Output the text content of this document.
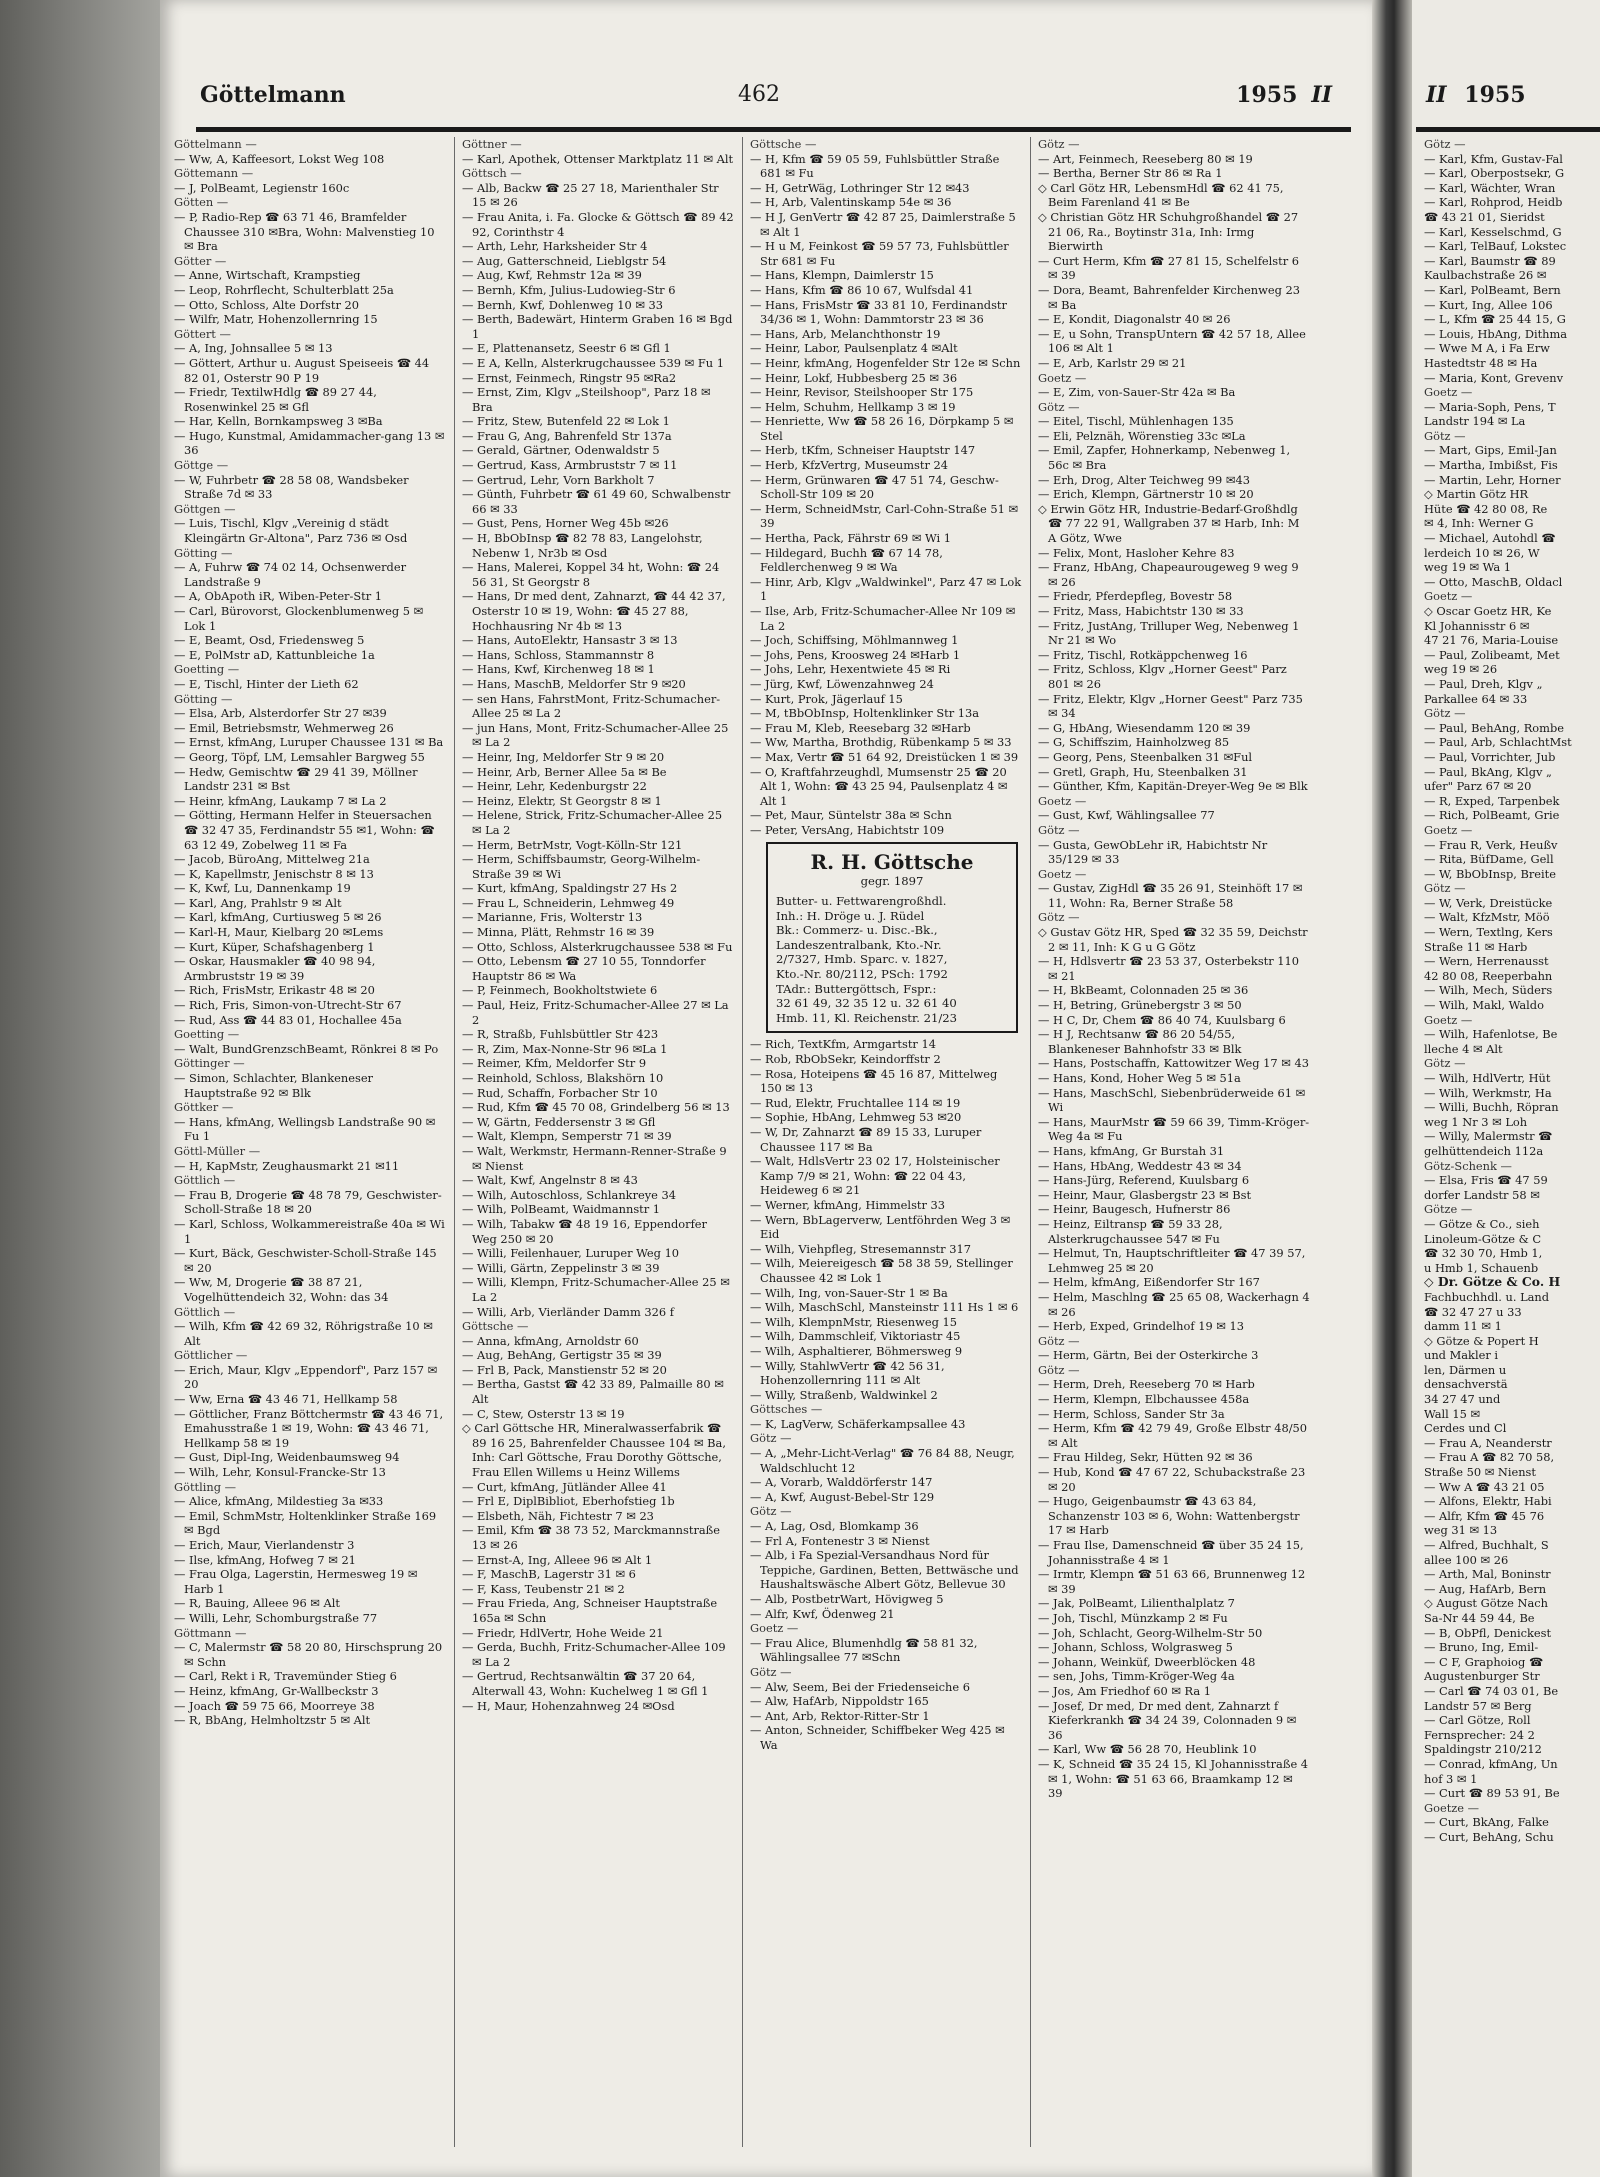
Göttelmann	462	1955 II

Göttelmann —

— Ww, A, Kaffeesort, Lokst Weg 108

Göttemann —

— J, PolBeamt, Legienstr 160c

Götten —

— P, Radio-Rep ☎ 63 71 46, Bramfelder Chaussee 310 ✉Bra, Wohn: Malvenstieg 10 ✉ Bra

Götter —

— Anne, Wirtschaft, Krampstieg

— Leop, Rohrflecht, Schulterblatt 25a

— Otto, Schloss, Alte Dorfstr 20

— Wilfr, Matr, Hohenzollernring 15

Göttert —

— A, Ing, Johnsallee 5 ✉ 13

— Göttert, Arthur u. August Speiseeis ☎ 44 82 01, Osterstr 90 P 19

— Friedr, TextilwHdlg ☎ 89 27 44, Rosenwinkel 25 ✉ Gfl

— Har, Kelln, Bornkampsweg 3 ✉Ba

— Hugo, Kunstmal, Amidammacher-gang 13 ✉ 36

Göttge —

— W, Fuhrbetr ☎ 28 58 08, Wandsbeker Straße 7d ✉ 33

Göttgen —

— Luis, Tischl, Klgv „Vereinig d städt Kleingärtn Gr-Altona", Parz 736 ✉ Osd

Götting —

— A, Fuhrw ☎ 74 02 14, Ochsenwerder Landstraße 9

— A, ObApoth iR, Wiben-Peter-Str 1

— Carl, Bürovorst, Glockenblumenweg 5 ✉ Lok 1

— E, Beamt, Osd, Friedensweg 5

— E, PolMstr aD, Kattunbleiche 1a

Goetting —

— E, Tischl, Hinter der Lieth 62

Götting —

— Elsa, Arb, Alsterdorfer Str 27 ✉39

— Emil, Betriebsmstr, Wehmerweg 26

— Ernst, kfmAng, Luruper Chaussee 131 ✉ Ba

— Georg, Töpf, LM, Lemsahler Bargweg 55

— Hedw, Gemischtw ☎ 29 41 39, Möllner Landstr 231 ✉ Bst

— Heinr, kfmAng, Laukamp 7 ✉ La 2

— Götting, Hermann Helfer in Steuersachen ☎ 32 47 35, Ferdinandstr 55 ✉1, Wohn: ☎ 63 12 49, Zobelweg 11 ✉ Fa

— Jacob, BüroAng, Mittelweg 21a

— K, Kapellmstr, Jenischstr 8 ✉ 13

— K, Kwf, Lu, Dannenkamp 19

— Karl, Ang, Prahlstr 9 ✉ Alt

— Karl, kfmAng, Curtiusweg 5 ✉ 26

— Karl-H, Maur, Kielbarg 20 ✉Lems

— Kurt, Küper, Schafshagenberg 1

— Oskar, Hausmakler ☎ 40 98 94, Armbruststr 19 ✉ 39

— Rich, FrisMstr, Erikastr 48 ✉ 20

— Rich, Fris, Simon-von-Utrecht-Str 67

— Rud, Ass ☎ 44 83 01, Hochallee 45a

Goetting —

— Walt, BundGrenzschBeamt, Rönkrei 8 ✉ Po

Göttinger —

— Simon, Schlachter, Blankeneser Hauptstraße 92 ✉ Blk

Göttker —

— Hans, kfmAng, Wellingsb Landstraße 90 ✉ Fu 1

Göttl-Müller —

— H, KapMstr, Zeughausmarkt 21 ✉11

Göttlich —

— Frau B, Drogerie ☎ 48 78 79, Geschwister-Scholl-Straße 18 ✉ 20

— Karl, Schloss, Wolkammereistraße 40a ✉ Wi 1

— Kurt, Bäck, Geschwister-Scholl-Straße 145 ✉ 20

— Ww, M, Drogerie ☎ 38 87 21, Vogelhüttendeich 32, Wohn: das 34

Göttlich —

— Wilh, Kfm ☎ 42 69 32, Röhrigstraße 10 ✉ Alt

Göttlicher —

— Erich, Maur, Klgv „Eppendorf", Parz 157 ✉ 20

— Ww, Erna ☎ 43 46 71, Hellkamp 58

— Göttlicher, Franz Böttchermstr ☎ 43 46 71, Emahusstraße 1 ✉ 19, Wohn: ☎ 43 46 71, Hellkamp 58 ✉ 19

— Gust, Dipl-Ing, Weidenbaumsweg 94

— Wilh, Lehr, Konsul-Francke-Str 13

Göttling —

— Alice, kfmAng, Mildestieg 3a ✉33

— Emil, SchmMstr, Holtenklinker Straße 169 ✉ Bgd

— Erich, Maur, Vierlandenstr 3

— Ilse, kfmAng, Hofweg 7 ✉ 21

— Frau Olga, Lagerstin, Hermesweg 19 ✉ Harb 1

— R, Bauing, Alleee 96 ✉ Alt

— Willi, Lehr, Schomburgstraße 77

Göttmann —

— C, Malermstr ☎ 58 20 80, Hirschsprung 20 ✉ Schn

— Carl, Rekt i R, Travemünder Stieg 6

— Heinz, kfmAng, Gr-Wallbeckstr 3

— Joach ☎ 59 75 66, Moorreye 38

— R, BbAng, Helmholtzstr 5 ✉ Alt

Göttner —

— Karl, Apothek, Ottenser Marktplatz 11 ✉ Alt

Göttsch —

— Alb, Backw ☎ 25 27 18, Marienthaler Str 15 ✉ 26

— Frau Anita, i. Fa. Glocke & Göttsch ☎ 89 42 92, Corinthstr 4

— Arth, Lehr, Harksheider Str 4

— Aug, Gatterschneid, Lieblgstr 54

— Aug, Kwf, Rehmstr 12a ✉ 39

— Bernh, Kfm, Julius-Ludowieg-Str 6

— Bernh, Kwf, Dohlenweg 10 ✉ 33

— Berth, Badewärt, Hinterm Graben 16 ✉ Bgd 1

— E, Plattenansetz, Seestr 6 ✉ Gfl 1

— E A, Kelln, Alsterkrugchaussee 539 ✉ Fu 1

— Ernst, Feinmech, Ringstr 95 ✉Ra2

— Ernst, Zim, Klgv „Steilshoop", Parz 18 ✉ Bra

— Fritz, Stew, Butenfeld 22 ✉ Lok 1

— Frau G, Ang, Bahrenfeld Str 137a

— Gerald, Gärtner, Odenwaldstr 5

— Gertrud, Kass, Armbruststr 7 ✉ 11

— Gertrud, Lehr, Vorn Barkholt 7

— Günth, Fuhrbetr ☎ 61 49 60, Schwalbenstr 66 ✉ 33

— Gust, Pens, Horner Weg 45b ✉26

— H, BbObInsp ☎ 82 78 83, Langelohstr, Nebenw 1, Nr3b ✉ Osd

— Hans, Malerei, Koppel 34 ht, Wohn: ☎ 24 56 31, St Georgstr 8

— Hans, Dr med dent, Zahnarzt, ☎ 44 42 37, Osterstr 10 ✉ 19, Wohn: ☎ 45 27 88, Hochhausring Nr 4b ✉ 13

— Hans, AutoElektr, Hansastr 3 ✉ 13

— Hans, Schloss, Stammannstr 8

— Hans, Kwf, Kirchenweg 18 ✉ 1

— Hans, MaschB, Meldorfer Str 9 ✉20

— sen Hans, FahrstMont, Fritz-Schumacher-Allee 25 ✉ La 2

— jun Hans, Mont, Fritz-Schumacher-Allee 25 ✉ La 2

— Heinr, Ing, Meldorfer Str 9 ✉ 20

— Heinr, Arb, Berner Allee 5a ✉ Be

— Heinr, Lehr, Kedenburgstr 22

— Heinz, Elektr, St Georgstr 8 ✉ 1

— Helene, Strick, Fritz-Schumacher-Allee 25 ✉ La 2

— Herm, BetrMstr, Vogt-Kölln-Str 121

— Herm, Schiffsbaumstr, Georg-Wilhelm-Straße 39 ✉ Wi

— Kurt, kfmAng, Spaldingstr 27 Hs 2

— Frau L, Schneiderin, Lehmweg 49

— Marianne, Fris, Wolterstr 13

— Minna, Plätt, Rehmstr 16 ✉ 39

— Otto, Schloss, Alsterkrugchaussee 538 ✉ Fu

— Otto, Lebensm ☎ 27 10 55, Tonndorfer Hauptstr 86 ✉ Wa

— P, Feinmech, Bookholtstwiete 6

— Paul, Heiz, Fritz-Schumacher-Allee 27 ✉ La 2

— R, Straßb, Fuhlsbüttler Str 423

— R, Zim, Max-Nonne-Str 96 ✉La 1

— Reimer, Kfm, Meldorfer Str 9

— Reinhold, Schloss, Blakshörn 10

— Rud, Schaffn, Forbacher Str 10

— Rud, Kfm ☎ 45 70 08, Grindelberg 56 ✉ 13

— W, Gärtn, Feddersenstr 3 ✉ Gfl

— Walt, Klempn, Semperstr 71 ✉ 39

— Walt, Werkmstr, Hermann-Renner-Straße 9 ✉ Nienst

— Walt, Kwf, Angelnstr 8 ✉ 43

— Wilh, Autoschloss, Schlankreye 34

— Wilh, PolBeamt, Waidmannstr 1

— Wilh, Tabakw ☎ 48 19 16, Eppendorfer Weg 250 ✉ 20

— Willi, Feilenhauer, Luruper Weg 10

— Willi, Gärtn, Zeppelinstr 3 ✉ 39

— Willi, Klempn, Fritz-Schumacher-Allee 25 ✉ La 2

— Willi, Arb, Vierländer Damm 326 f

Göttsche —

— Anna, kfmAng, Arnoldstr 60

— Aug, BehAng, Gertigstr 35 ✉ 39

— Frl B, Pack, Manstienstr 52 ✉ 20

— Bertha, Gastst ☎ 42 33 89, Palmaille 80 ✉ Alt

— C, Stew, Osterstr 13 ✉ 19

◇ Carl Göttsche HR, Mineralwasserfabrik ☎ 89 16 25, Bahrenfelder Chaussee 104 ✉ Ba, Inh: Carl Göttsche, Frau Dorothy Göttsche, Frau Ellen Willems u Heinz Willems

— Curt, kfmAng, Jütländer Allee 41

— Frl E, DiplBibliot, Eberhofstieg 1b

— Elsbeth, Näh, Fichtestr 7 ✉ 23

— Emil, Kfm ☎ 38 73 52, Marckmannstraße 13 ✉ 26

— Ernst-A, Ing, Alleee 96 ✉ Alt 1

— F, MaschB, Lagerstr 31 ✉ 6

— F, Kass, Teubenstr 21 ✉ 2

— Frau Frieda, Ang, Schneiser Hauptstraße 165a ✉ Schn

— Friedr, HdlVertr, Hohe Weide 21

— Gerda, Buchh, Fritz-Schumacher-Allee 109 ✉ La 2

— Gertrud, Rechtsanwältin ☎ 37 20 64, Alterwall 43, Wohn: Kuchelweg 1 ✉ Gfl 1

— H, Maur, Hohenzahnweg 24 ✉Osd

Göttsche —

— H, Kfm ☎ 59 05 59, Fuhlsbüttler Straße 681 ✉ Fu

— H, GetrWäg, Lothringer Str 12 ✉43

— H, Arb, Valentinskamp 54e ✉ 36

— H J, GenVertr ☎ 42 87 25, Daimlerstraße 5 ✉ Alt 1

— H u M, Feinkost ☎ 59 57 73, Fuhlsbüttler Str 681 ✉ Fu

— Hans, Klempn, Daimlerstr 15

— Hans, Kfm ☎ 86 10 67, Wulfsdal 41

— Hans, FrisMstr ☎ 33 81 10, Ferdinandstr 34/36 ✉ 1, Wohn: Dammtorstr 23 ✉ 36

— Hans, Arb, Melanchthonstr 19

— Heinr, Labor, Paulsenplatz 4 ✉Alt

— Heinr, kfmAng, Hogenfelder Str 12e ✉ Schn

— Heinr, Lokf, Hubbesberg 25 ✉ 36

— Heinr, Revisor, Steilshooper Str 175

— Helm, Schuhm, Hellkamp 3 ✉ 19

— Henriette, Ww ☎ 58 26 16, Dörpkamp 5 ✉ Stel

— Herb, tKfm, Schneiser Hauptstr 147

— Herb, KfzVertrg, Museumstr 24

— Herm, Grünwaren ☎ 47 51 74, Geschw-Scholl-Str 109 ✉ 20

— Herm, SchneidMstr, Carl-Cohn-Straße 51 ✉ 39

— Hertha, Pack, Fährstr 69 ✉ Wi 1

— Hildegard, Buchh ☎ 67 14 78, Feldlerchenweg 9 ✉ Wa

— Hinr, Arb, Klgv „Waldwinkel", Parz 47 ✉ Lok 1

— Ilse, Arb, Fritz-Schumacher-Allee Nr 109 ✉ La 2

— Joch, Schiffsing, Möhlmannweg 1

— Johs, Pens, Kroosweg 24 ✉Harb 1

— Johs, Lehr, Hexentwiete 45 ✉ Ri

— Jürg, Kwf, Löwenzahnweg 24

— Kurt, Prok, Jägerlauf 15

— M, tBbObInsp, Holtenklinker Str 13a

— Frau M, Kleb, Reesebarg 32 ✉Harb

— Ww, Martha, Brothdig, Rübenkamp 5 ✉ 33

— Max, Vertr ☎ 51 64 92, Dreistücken 1 ✉ 39

— O, Kraftfahrzeughdl, Mumsenstr 25 ☎ 20 Alt 1, Wohn: ☎ 43 25 94, Paulsenplatz 4 ✉ Alt 1

— Pet, Maur, Süntelstr 38a ✉ Schn

— Peter, VersAng, Habichtstr 109

R. H. Göttsche
gegr. 1897

Butter- u. Fettwarengroßhdl.

Inh.: H. Dröge u. J. Rüdel

Bk.: Commerz- u. Disc.-Bk.,

Landeszentralbank, Kto.-Nr.

2/7327, Hmb. Sparc. v. 1827,

Kto.-Nr. 80/2112, PSch: 1792

TAdr.: Buttergöttsch, Fspr.:

32 61 49, 32 35 12 u. 32 61 40

Hmb. 11, Kl. Reichenstr. 21/23

— Rich, TextKfm, Armgartstr 14

— Rob, RbObSekr, Keindorffstr 2

— Rosa, Hoteipens ☎ 45 16 87, Mittelweg 150 ✉ 13

— Rud, Elektr, Fruchtallee 114 ✉ 19

— Sophie, HbAng, Lehmweg 53 ✉20

— W, Dr, Zahnarzt ☎ 89 15 33, Luruper Chaussee 117 ✉ Ba

— Walt, HdlsVertr 23 02 17, Holsteinischer Kamp 7/9 ✉ 21, Wohn: ☎ 22 04 43, Heideweg 6 ✉ 21

— Werner, kfmAng, Himmelstr 33

— Wern, BbLagerverw, Lentföhrden Weg 3 ✉ Eid

— Wilh, Viehpfleg, Stresemannstr 317

— Wilh, Meiereigesch ☎ 58 38 59, Stellinger Chaussee 42 ✉ Lok 1

— Wilh, Ing, von-Sauer-Str 1 ✉ Ba

— Wilh, MaschSchl, Mansteinstr 111 Hs 1 ✉ 6

— Wilh, KlempnMstr, Riesenweg 15

— Wilh, Dammschleif, Viktoriastr 45

— Wilh, Asphaltierer, Böhmersweg 9

— Willy, StahlwVertr ☎ 42 56 31, Hohenzollernring 111 ✉ Alt

— Willy, Straßenb, Waldwinkel 2

Göttsches —

— K, LagVerw, Schäferkampsallee 43

Götz —

— A, „Mehr-Licht-Verlag" ☎ 76 84 88, Neugr, Waldschlucht 12

— A, Vorarb, Walddörferstr 147

— A, Kwf, August-Bebel-Str 129

Götz —

— A, Lag, Osd, Blomkamp 36

— Frl A, Fontenestr 3 ✉ Nienst

— Alb, i Fa Spezial-Versandhaus Nord für Teppiche, Gardinen, Betten, Bettwäsche und Haushaltswäsche Albert Götz, Bellevue 30

— Alb, PostbetrWart, Hövigweg 5

— Alfr, Kwf, Ödenweg 21

Goetz —

— Frau Alice, Blumenhdlg ☎ 58 81 32, Wählingsallee 77 ✉Schn

Götz —

— Alw, Seem, Bei der Friedenseiche 6

— Alw, HafArb, Nippoldstr 165

— Ant, Arb, Rektor-Ritter-Str 1

— Anton, Schneider, Schiffbeker Weg 425 ✉ Wa

Götz —

— Art, Feinmech, Reeseberg 80 ✉ 19

— Bertha, Berner Str 86 ✉ Ra 1

◇ Carl Götz HR, LebensmHdl ☎ 62 41 75, Beim Farenland 41 ✉ Be

◇ Christian Götz HR Schuhgroßhandel ☎ 27 21 06, Ra., Boytinstr 31a, Inh: Irmg Bierwirth

— Curt Herm, Kfm ☎ 27 81 15, Schelfelstr 6 ✉ 39

— Dora, Beamt, Bahrenfelder Kirchenweg 23 ✉ Ba

— E, Kondit, Diagonalstr 40 ✉ 26

— E, u Sohn, TranspUntern ☎ 42 57 18, Allee 106 ✉ Alt 1

— E, Arb, Karlstr 29 ✉ 21

Goetz —

— E, Zim, von-Sauer-Str 42a ✉ Ba

Götz —

— Eitel, Tischl, Mühlenhagen 135

— Eli, Pelznäh, Wörenstieg 33c ✉La

— Emil, Zapfer, Hohnerkamp, Nebenweg 1, 56c ✉ Bra

— Erh, Drog, Alter Teichweg 99 ✉43

— Erich, Klempn, Gärtnerstr 10 ✉ 20

◇ Erwin Götz HR, Industrie-Bedarf-Großhdlg ☎ 77 22 91, Wallgraben 37 ✉ Harb, Inh: M A Götz, Wwe

— Felix, Mont, Hasloher Kehre 83

— Franz, HbAng, Chapeaurougeweg 9 weg 9 ✉ 26

— Friedr, Pferdepfleg, Bovestr 58

— Fritz, Mass, Habichtstr 130 ✉ 33

— Fritz, JustAng, Trilluper Weg, Nebenweg 1 Nr 21 ✉ Wo

— Fritz, Tischl, Rotkäppchenweg 16

— Fritz, Schloss, Klgv „Horner Geest" Parz 801 ✉ 26

— Fritz, Elektr, Klgv „Horner Geest" Parz 735 ✉ 34

— G, HbAng, Wiesendamm 120 ✉ 39

— G, Schiffszim, Hainholzweg 85

— Georg, Pens, Steenbalken 31 ✉Ful

— Gretl, Graph, Hu, Steenbalken 31

— Günther, Kfm, Kapitän-Dreyer-Weg 9e ✉ Blk

Goetz —

— Gust, Kwf, Wählingsallee 77

Götz —

— Gusta, GewObLehr iR, Habichtstr Nr 35/129 ✉ 33

Goetz —

— Gustav, ZigHdl ☎ 35 26 91, Steinhöft 17 ✉ 11, Wohn: Ra, Berner Straße 58

Götz —

◇ Gustav Götz HR, Sped ☎ 32 35 59, Deichstr 2 ✉ 11, Inh: K G u G Götz

— H, Hdlsvertr ☎ 23 53 37, Osterbekstr 110 ✉ 21

— H, BkBeamt, Colonnaden 25 ✉ 36

— H, Betring, Grünebergstr 3 ✉ 50

— H C, Dr, Chem ☎ 86 40 74, Kuulsbarg 6

— H J, Rechtsanw ☎ 86 20 54/55, Blankeneser Bahnhofstr 33 ✉ Blk

— Hans, Postschaffn, Kattowitzer Weg 17 ✉ 43

— Hans, Kond, Hoher Weg 5 ✉ 51a

— Hans, MaschSchl, Siebenbrüderweide 61 ✉ Wi

— Hans, MaurMstr ☎ 59 66 39, Timm-Kröger-Weg 4a ✉ Fu

— Hans, kfmAng, Gr Burstah 31

— Hans, HbAng, Weddestr 43 ✉ 34

— Hans-Jürg, Referend, Kuulsbarg 6

— Heinr, Maur, Glasbergstr 23 ✉ Bst

— Heinr, Baugesch, Hufnerstr 86

— Heinz, Eiltransp ☎ 59 33 28, Alsterkrugchaussee 547 ✉ Fu

— Helmut, Tn, Hauptschriftleiter ☎ 47 39 57, Lehmweg 25 ✉ 20

— Helm, kfmAng, Eißendorfer Str 167

— Helm, Maschlng ☎ 25 65 08, Wackerhagn 4 ✉ 26

— Herb, Exped, Grindelhof 19 ✉ 13

Götz —

— Herm, Gärtn, Bei der Osterkirche 3

Götz —

— Herm, Dreh, Reeseberg 70 ✉ Harb

— Herm, Klempn, Elbchaussee 458a

— Herm, Schloss, Sander Str 3a

— Herm, Kfm ☎ 42 79 49, Große Elbstr 48/50 ✉ Alt

— Frau Hildeg, Sekr, Hütten 92 ✉ 36

— Hub, Kond ☎ 47 67 22, Schubackstraße 23 ✉ 20

— Hugo, Geigenbaumstr ☎ 43 63 84, Schanzenstr 103 ✉ 6, Wohn: Wattenbergstr 17 ✉ Harb

— Frau Ilse, Damenschneid ☎ über 35 24 15, Johannisstraße 4 ✉ 1

— Irmtr, Klempn ☎ 51 63 66, Brunnenweg 12 ✉ 39

— Jak, PolBeamt, Lilienthalplatz 7

— Joh, Tischl, Münzkamp 2 ✉ Fu

— Joh, Schlacht, Georg-Wilhelm-Str 50

— Johann, Schloss, Wolgrasweg 5

— Johann, Weinküf, Dweerblöcken 48

— sen, Johs, Timm-Kröger-Weg 4a

— Jos, Am Friedhof 60 ✉ Ra 1

— Josef, Dr med, Dr med dent, Zahnarzt f Kieferkrankh ☎ 34 24 39, Colonnaden 9 ✉ 36

— Karl, Ww ☎ 56 28 70, Heublink 10

— K, Schneid ☎ 35 24 15, Kl Johannisstraße 4 ✉ 1, Wohn: ☎ 51 63 66, Braamkamp 12 ✉ 39

II 1955

Götz —

— Karl, Kfm, Gustav-Fal

— Karl, Oberpostsekr, G

— Karl, Wächter, Wran

— Karl, Rohprod, Heidb

☎ 43 21 01, Sieridst

— Karl, Kesselschmd, G

— Karl, TelBauf, Lokstec

— Karl, Baumstr ☎ 89

Kaulbachstraße 26 ✉

— Karl, PolBeamt, Bern

— Kurt, Ing, Allee 106

— L, Kfm ☎ 25 44 15, G

— Louis, HbAng, Dithma

— Wwe M A, i Fa Erw

Hastedtstr 48 ✉ Ha

— Maria, Kont, Grevenv

Goetz —

— Maria-Soph, Pens, T

Landstr 194 ✉ La

Götz —

— Mart, Gips, Emil-Jan

— Martha, Imbißst, Fis

— Martin, Lehr, Horner

◇ Martin Götz HR

Hüte ☎ 42 80 08, Re

✉ 4, Inh: Werner G

— Michael, Autohdl ☎

lerdeich 10 ✉ 26, W

weg 19 ✉ Wa 1

— Otto, MaschB, Oldacl

Goetz —

◇ Oscar Goetz HR, Ke

Kl Johannisstr 6 ✉

47 21 76, Maria-Louise

— Paul, Zolibeamt, Met

weg 19 ✉ 26

— Paul, Dreh, Klgv „

Parkallee 64 ✉ 33

Götz —

— Paul, BehAng, Rombe

— Paul, Arb, SchlachtMst

— Paul, Vorrichter, Jub

— Paul, BkAng, Klgv „

ufer" Parz 67 ✉ 20

— R, Exped, Tarpenbek

— Rich, PolBeamt, Grie

Goetz —

— Frau R, Verk, Heußv

— Rita, BüfDame, Gell

— W, BbObInsp, Breite

Götz —

— W, Verk, Dreistücke

— Walt, KfzMstr, Möö

— Wern, Textlng, Kers

Straße 11 ✉ Harb

— Wern, Herrenausst

42 80 08, Reeperbahn

— Wilh, Mech, Süders

— Wilh, Makl, Waldo

Goetz —

— Wilh, Hafenlotse, Be

lleche 4 ✉ Alt

Götz —

— Wilh, HdlVertr, Hüt

— Wilh, Werkmstr, Ha

— Willi, Buchh, Röpran

weg 1 Nr 3 ✉ Loh

— Willy, Malermstr ☎

gelhüttendeich 112a

Götz-Schenk —

— Elsa, Fris ☎ 47 59

dorfer Landstr 58 ✉

Götze —

— Götze & Co., sieh

Linoleum-Götze & C

☎ 32 30 70, Hmb 1,

u Hmb 1, Schauenb

◇ Dr. Götze & Co. H

Fachbuchhdl. u. Land

☎ 32 47 27 u 33

damm 11 ✉ 1

◇ Götze & Popert H

und Makler i

len, Därmen u

densachverstä

34 27 47 und

Wall 15 ✉

Cerdes und Cl

— Frau A, Neanderstr

— Frau A ☎ 82 70 58,

Straße 50 ✉ Nienst

— Ww A ☎ 43 21 05

— Alfons, Elektr, Habi

— Alfr, Kfm ☎ 45 76

weg 31 ✉ 13

— Alfred, Buchhalt, S

allee 100 ✉ 26

— Arth, Mal, Boninstr

— Aug, HafArb, Bern

◇ August Götze Nach

Sa-Nr 44 59 44, Be

— B, ObPfl, Denickest

— Bruno, Ing, Emil-

— C F, Graphoiog ☎

Augustenburger Str

— Carl ☎ 74 03 01, Be

Landstr 57 ✉ Berg

— Carl Götze, Roll

Fernsprecher: 24 2

Spaldingstr 210/212

— Conrad, kfmAng, Un

hof 3 ✉ 1

— Curt ☎ 89 53 91, Be

Goetze —

— Curt, BkAng, Falke

— Curt, BehAng, Schu
